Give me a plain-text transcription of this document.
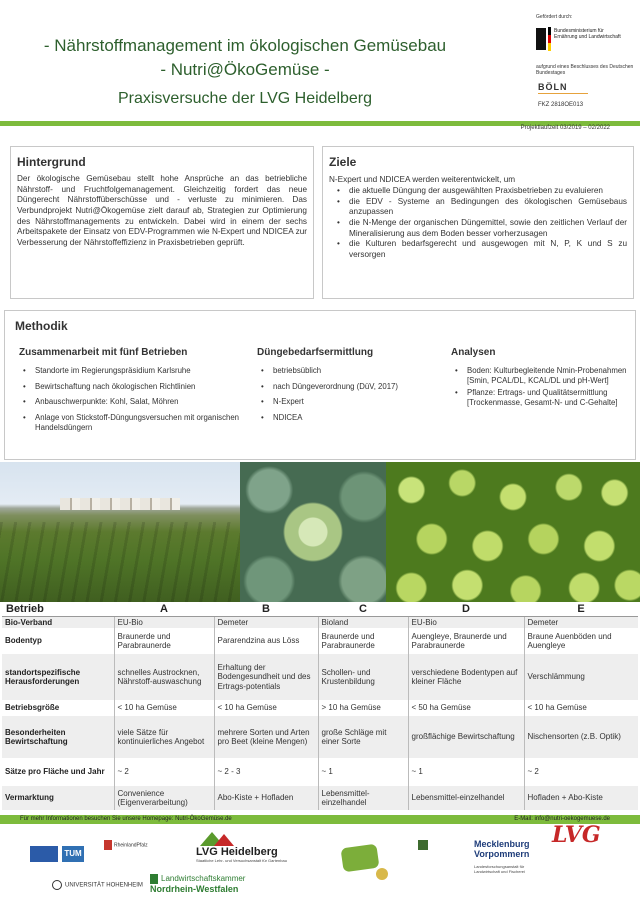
- Nährstoffmanagement im ökologischen Gemüsebau
- Nutri@ÖkoGemüse -
Praxisversuche der LVG Heidelberg
Gefördert durch:
Bundesministerium für Ernährung und Landwirtschaft
aufgrund eines Beschlusses des Deutschen Bundestages
BÖLN
FKZ 2818OE013
Projektlaufzeit 03/2019 – 02/2022
Hintergrund

Der ökologische Gemüsebau stellt hohe Ansprüche an das betriebliche Nährstoff- und Fruchtfolgemanagement. Gleichzeitig fordert das neue Düngerecht Nährstoffüberschüsse und - verluste zu minimieren. Das Verbundprojekt Nutri@Ökogemüse zielt darauf ab, Strategien zur Optimierung des Nährstoffmanagements zu entwickeln. Dabei wird in einem der sechs Arbeitspakete der Einsatz von EDV-Programmen wie N-Expert und NDICEA zur Verbesserung der Nährstoffeffizienz in Praxisbetrieben geprüft.

Ziele
N-Expert und NDICEA werden weiterentwickelt, um
• die aktuelle Düngung der ausgewählten Praxisbetrieben zu evaluieren
• die EDV - Systeme an Bedingungen des ökologischen Gemüsebaus anzupassen
• die N-Menge der organischen Düngemittel, sowie den zeitlichen Verlauf der Mineralisierung aus dem Boden besser vorherzusagen
• die Kulturen bedarfsgerecht und ausgewogen mit N, P, K und S zu versorgen
Methodik
Zusammenarbeit mit fünf Betrieben
• Standorte im Regierungspräsidium Karlsruhe
• Bewirtschaftung nach ökologischen Richtlinien
• Anbauschwerpunkte: Kohl, Salat, Möhren
• Anlage von Stickstoff-Düngungsversuchen mit organischen Handelsdüngern
Düngebedarfsermittlung
• betriebsüblich
• nach Düngeverordnung (DüV, 2017)
• N-Expert
• NDICEA
Analysen
• Boden: Kulturbegleitende Nmin-Probenahmen [Smin, PCAL/DL, KCAL/DL und pH-Wert]
• Pflanze: Ertrags- und Qualitätsermittlung [Trockenmasse, Gesamt-N- und C-Gehalte]
Betrieb	A	B	C	D	E
Bio-Verband	EU-Bio	Demeter	Bioland	EU-Bio	Demeter
Bodentyp	Braunerde und Parabraunerde	Pararendzina aus Löss	Braunerde und Parabraunerde	Auengleye, Braunerde und Parabraunerde	Braune Auenböden und Auengleye
standortspezifische Herausforderungen	schnelles Austrocknen, Nährstoff-auswaschung	Erhaltung der Bodengesundheit und des Ertrags-potentials	Schollen- und Krustenbildung	verschiedene Bodentypen auf kleiner Fläche	Verschlämmung
Betriebsgröße	< 10 ha Gemüse	< 10 ha Gemüse	> 10 ha Gemüse	< 50 ha Gemüse	< 10 ha Gemüse
Besonderheiten Bewirtschaftung	viele Sätze für kontinuierliches Angebot	mehrere Sorten und Arten pro Beet (kleine Mengen)	große Schläge mit einer Sorte	großflächige Bewirtschaftung	Nischensorten (z.B. Optik)
Sätze pro Fläche und Jahr	~ 2	~ 2 - 3	~ 1	~ 1	~ 2
Vermarktung	Convenience (Eigenverarbeitung)	Abo-Kiste + Hofladen	Lebensmittel-einzelhandel	Lebensmittel-einzelhandel	Hofladen + Abo-Kiste
Für mehr Informationen besuchen Sie unsere Homepage: Nutri-ÖkoGemüse.de	E-Mail: info@nutri-oekogemuese.de
TUM
RheinlandPfalz
LVG Heidelberg
Staatliche Lehr- und Versuchsanstalt für Gartenbau
UNIVERSITÄT HOHENHEIM
Landwirtschaftskammer
Nordrhein-Westfalen
Mecklenburg
Vorpommern
Landesforschungsanstalt für Landwirtschaft und Fischerei
LVG
